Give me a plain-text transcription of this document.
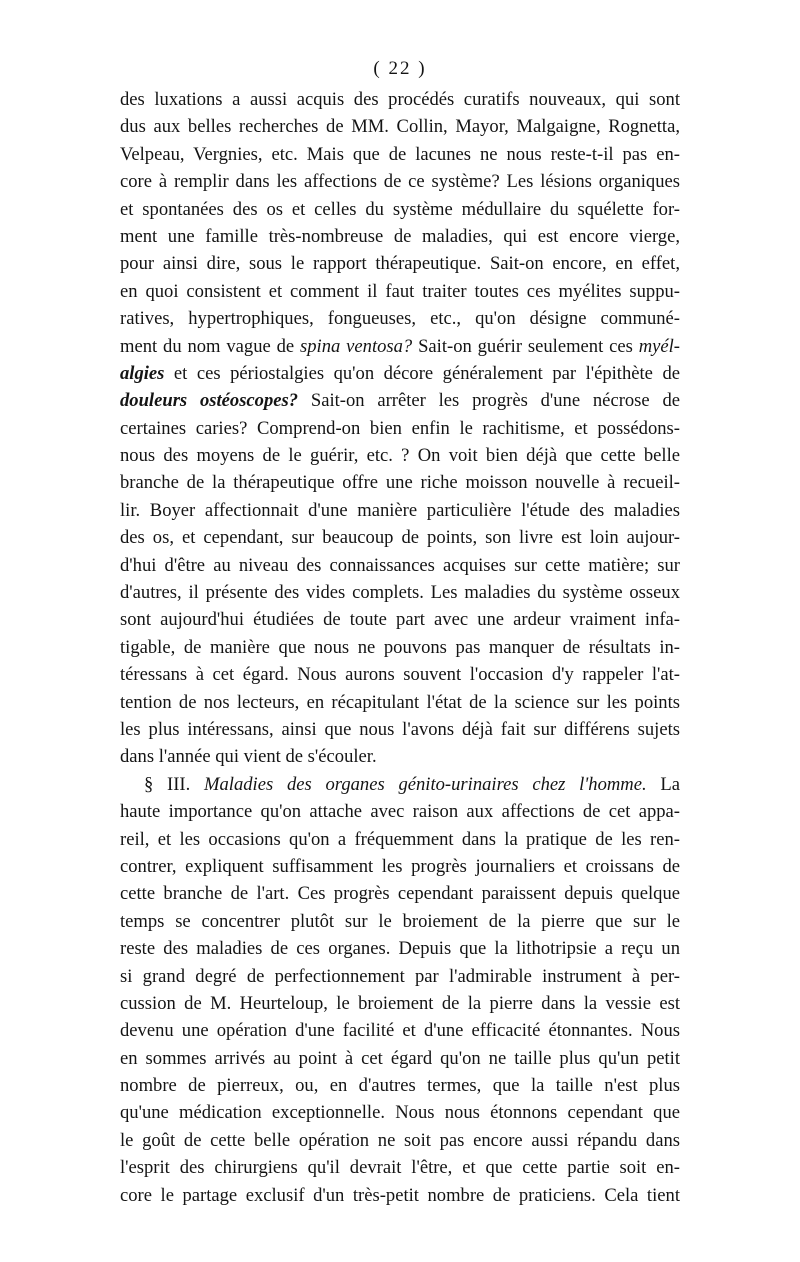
( 22 )
des luxations a aussi acquis des procédés curatifs nouveaux, qui sont
dus aux belles recherches de MM. Collin, Mayor, Malgaigne, Rognetta,
Velpeau, Vergnies, etc. Mais que de lacunes ne nous reste-t-il pas en-
core à remplir dans les affections de ce système? Les lésions organiques
et spontanées des os et celles du système médullaire du squélette for-
ment une famille très-nombreuse de maladies, qui est encore vierge,
pour ainsi dire, sous le rapport thérapeutique. Sait-on encore, en effet,
en quoi consistent et comment il faut traiter toutes ces myélites suppu-
ratives, hypertrophiques, fongueuses, etc., qu'on désigne communé-
ment du nom vague de spina ventosa? Sait-on guérir seulement ces myél-
algies et ces périostalgies qu'on décore généralement par l'épithète de
douleurs ostéoscopes? Sait-on arrêter les progrès d'une nécrose de
certaines caries? Comprend-on bien enfin le rachitisme, et possédons-
nous des moyens de le guérir, etc. ? On voit bien déjà que cette belle
branche de la thérapeutique offre une riche moisson nouvelle à recueil-
lir. Boyer affectionnait d'une manière particulière l'étude des maladies
des os, et cependant, sur beaucoup de points, son livre est loin aujour-
d'hui d'être au niveau des connaissances acquises sur cette matière; sur
d'autres, il présente des vides complets. Les maladies du système osseux
sont aujourd'hui étudiées de toute part avec une ardeur vraiment infa-
tigable, de manière que nous ne pouvons pas manquer de résultats in-
téressans à cet égard. Nous aurons souvent l'occasion d'y rappeler l'at-
tention de nos lecteurs, en récapitulant l'état de la science sur les points
les plus intéressans, ainsi que nous l'avons déjà fait sur différens sujets
dans l'année qui vient de s'écouler.
§ III. Maladies des organes génito-urinaires chez l'homme. La
haute importance qu'on attache avec raison aux affections de cet appa-
reil, et les occasions qu'on a fréquemment dans la pratique de les ren-
contrer, expliquent suffisamment les progrès journaliers et croissans de
cette branche de l'art. Ces progrès cependant paraissent depuis quelque
temps se concentrer plutôt sur le broiement de la pierre que sur le
reste des maladies de ces organes. Depuis que la lithotripsie a reçu un
si grand degré de perfectionnement par l'admirable instrument à per-
cussion de M. Heurteloup, le broiement de la pierre dans la vessie est
devenu une opération d'une facilité et d'une efficacité étonnantes. Nous
en sommes arrivés au point à cet égard qu'on ne taille plus qu'un petit
nombre de pierreux, ou, en d'autres termes, que la taille n'est plus
qu'une médication exceptionnelle. Nous nous étonnons cependant que
le goût de cette belle opération ne soit pas encore aussi répandu dans
l'esprit des chirurgiens qu'il devrait l'être, et que cette partie soit en-
core le partage exclusif d'un très-petit nombre de praticiens. Cela tient
